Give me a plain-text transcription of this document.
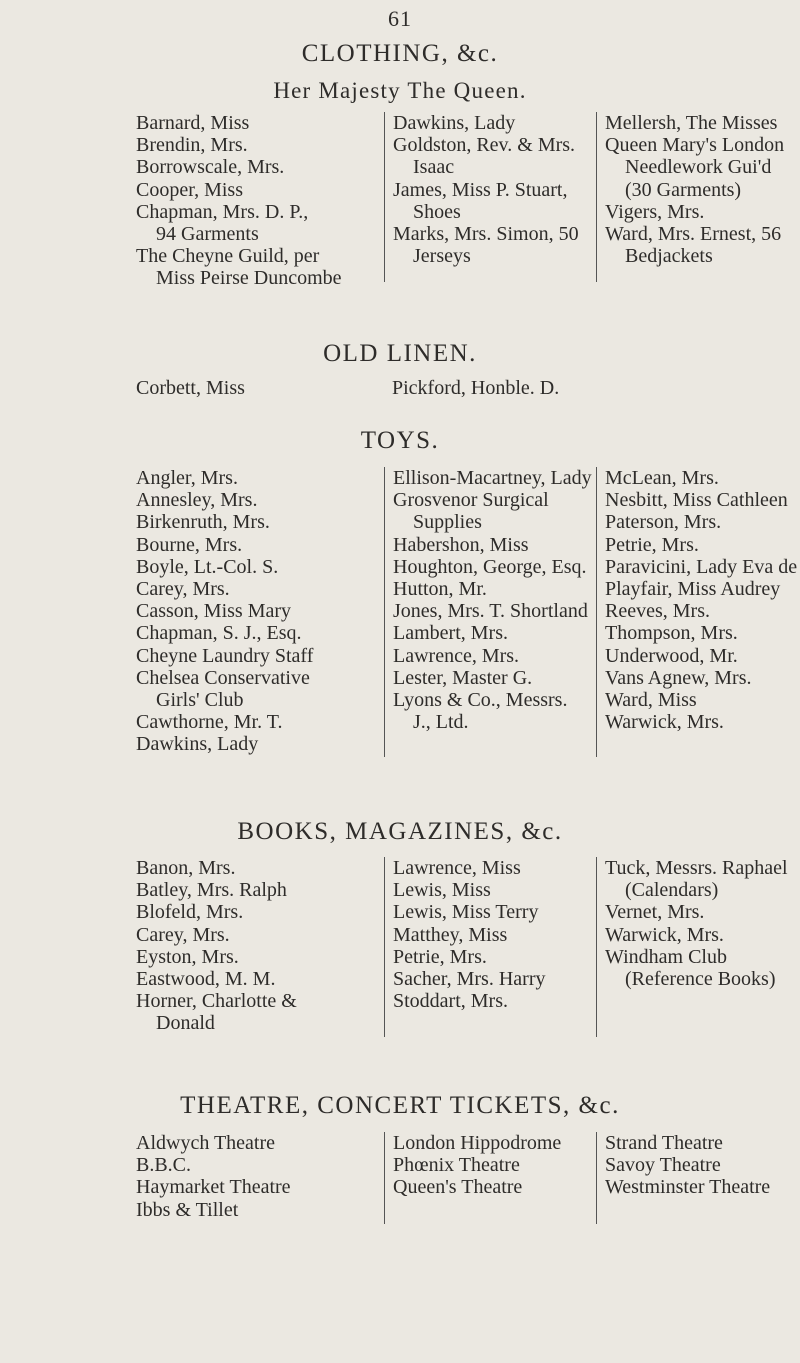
61
CLOTHING, &c.
Her Majesty The Queen.
Barnard, Miss
Brendin, Mrs.
Borrowscale, Mrs.
Cooper, Miss
Chapman, Mrs. D. P.,
94 Garments
The Cheyne Guild, per
Miss Peirse Duncombe
Dawkins, Lady
Goldston, Rev. & Mrs.
Isaac
James, Miss P. Stuart,
Shoes
Marks, Mrs. Simon, 50
Jerseys
Mellersh, The Misses
Queen Mary's London
Needlework Gui'd
(30 Garments)
Vigers, Mrs.
Ward, Mrs. Ernest, 56
Bedjackets
OLD LINEN.
Corbett, Miss	Pickford, Honble. D.
TOYS.
Angler, Mrs.
Annesley, Mrs.
Birkenruth, Mrs.
Bourne, Mrs.
Boyle, Lt.-Col. S.
Carey, Mrs.
Casson, Miss Mary
Chapman, S. J., Esq.
Cheyne Laundry Staff
Chelsea Conservative
Girls' Club
Cawthorne, Mr. T.
Dawkins, Lady
Ellison-Macartney, Lady
Grosvenor Surgical
Supplies
Habershon, Miss
Houghton, George, Esq.
Hutton, Mr.
Jones, Mrs. T. Shortland
Lambert, Mrs.
Lawrence, Mrs.
Lester, Master G.
Lyons & Co., Messrs.
J., Ltd.
McLean, Mrs.
Nesbitt, Miss Cathleen
Paterson, Mrs.
Petrie, Mrs.
Paravicini, Lady Eva de
Playfair, Miss Audrey
Reeves, Mrs.
Thompson, Mrs.
Underwood, Mr.
Vans Agnew, Mrs.
Ward, Miss
Warwick, Mrs.
BOOKS, MAGAZINES, &c.
Banon, Mrs.
Batley, Mrs. Ralph
Blofeld, Mrs.
Carey, Mrs.
Eyston, Mrs.
Eastwood, M. M.
Horner, Charlotte &
Donald
Lawrence, Miss
Lewis, Miss
Lewis, Miss Terry
Matthey, Miss
Petrie, Mrs.
Sacher, Mrs. Harry
Stoddart, Mrs.
Tuck, Messrs. Raphael
(Calendars)
Vernet, Mrs.
Warwick, Mrs.
Windham Club
(Reference Books)
THEATRE, CONCERT TICKETS, &c.
Aldwych Theatre
B.B.C.
Haymarket Theatre
Ibbs & Tillet
London Hippodrome
Phœnix Theatre
Queen's Theatre
Strand Theatre
Savoy Theatre
Westminster Theatre
